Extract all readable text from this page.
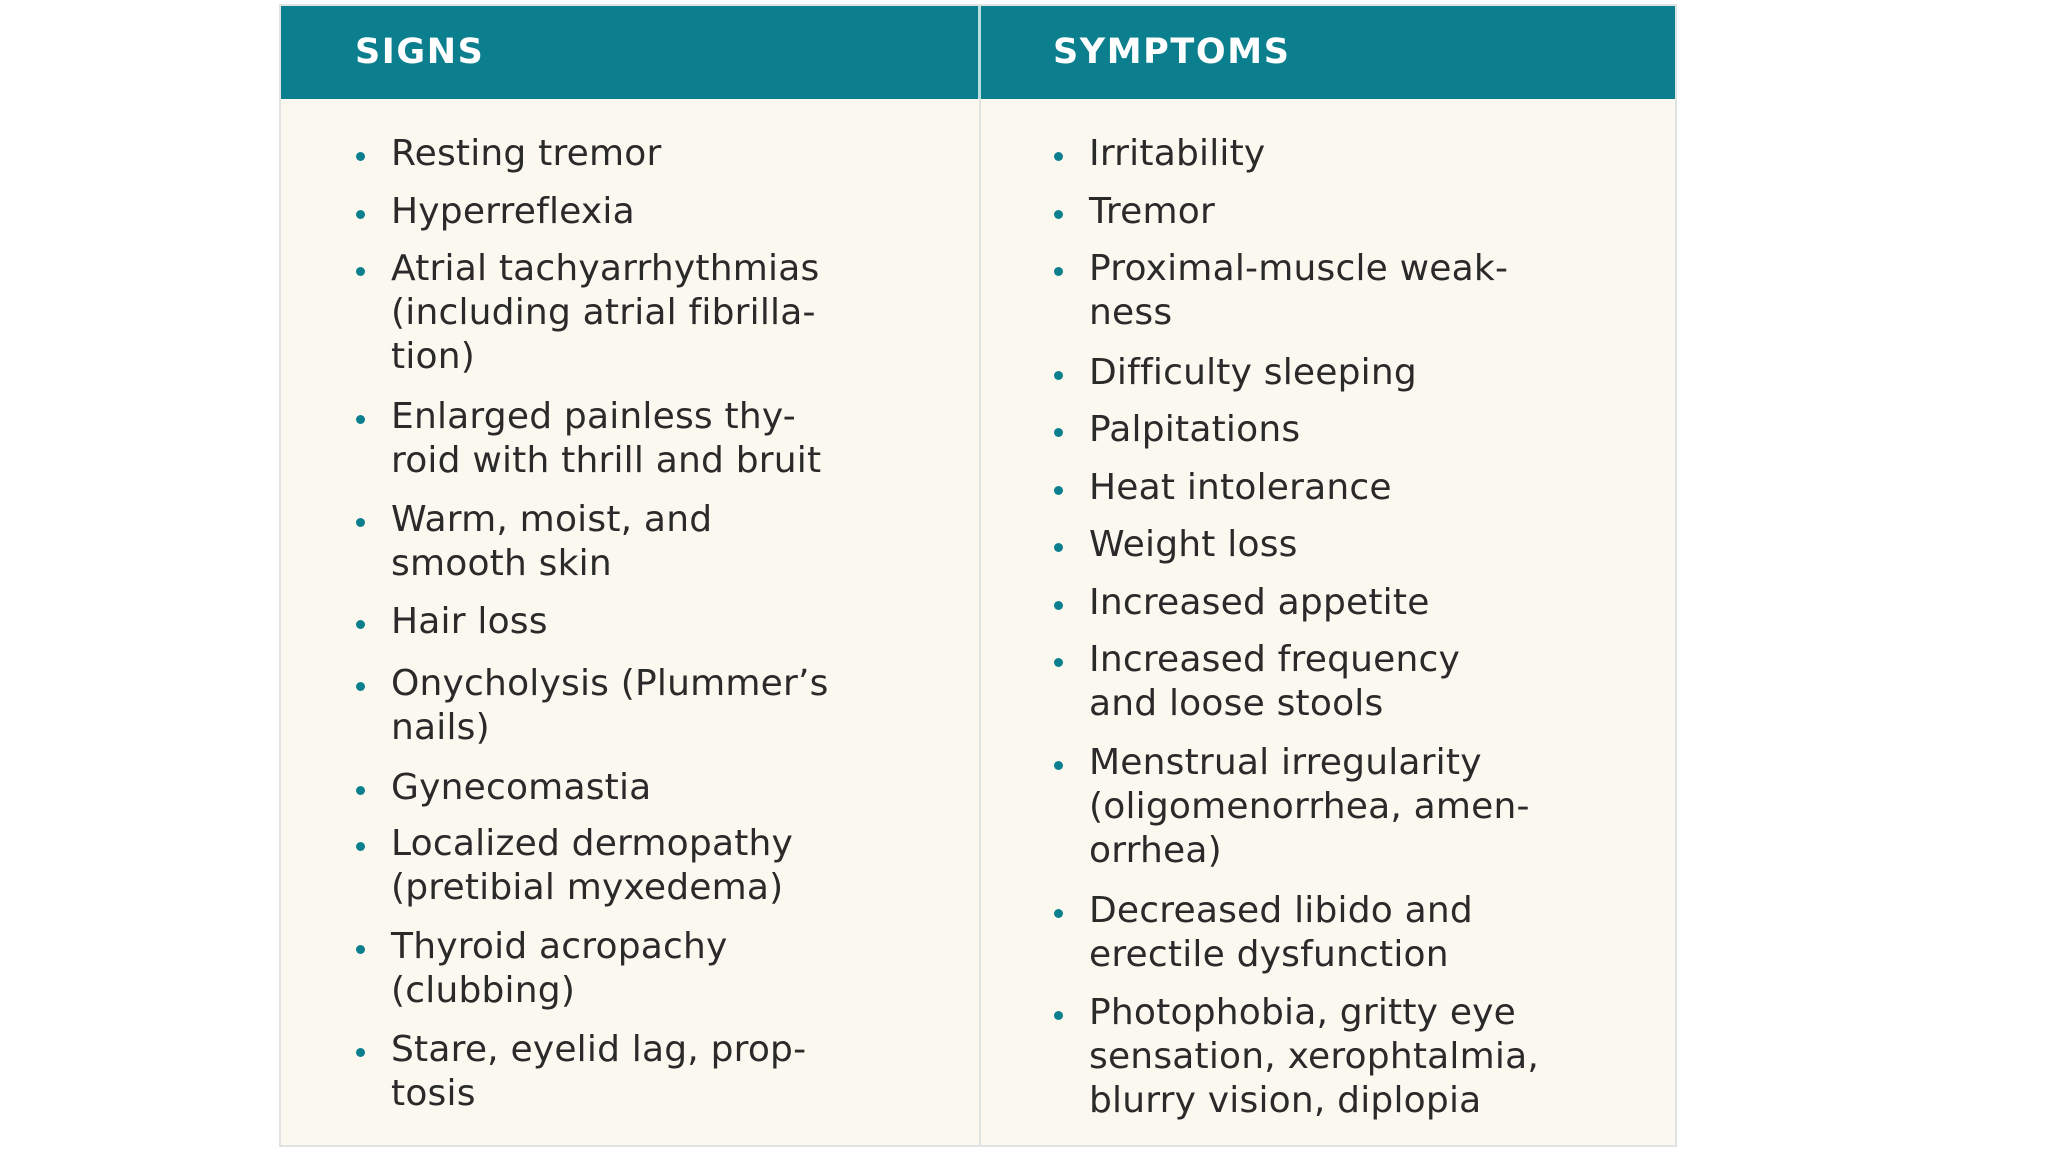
SIGNS	SYMPTOMS

Resting tremor

Hyperreflexia

Atrial tachyarrhythmias

(including atrial fibrilla-

tion)

Enlarged painless thy-

roid with thrill and bruit

Warm, moist, and

smooth skin

Hair loss

Onycholysis (Plummer’s

nails)

Gynecomastia

Localized dermopathy

(pretibial myxedema)

Thyroid acropachy

(clubbing)

Stare, eyelid lag, prop-

tosis

Irritability

Tremor

Proximal-muscle weak-

ness

Difficulty sleeping

Palpitations

Heat intolerance

Weight loss

Increased appetite

Increased frequency

and loose stools

Menstrual irregularity

(oligomenorrhea, amen-

orrhea)

Decreased libido and

erectile dysfunction

Photophobia, gritty eye

sensation, xerophtalmia,

blurry vision, diplopia
